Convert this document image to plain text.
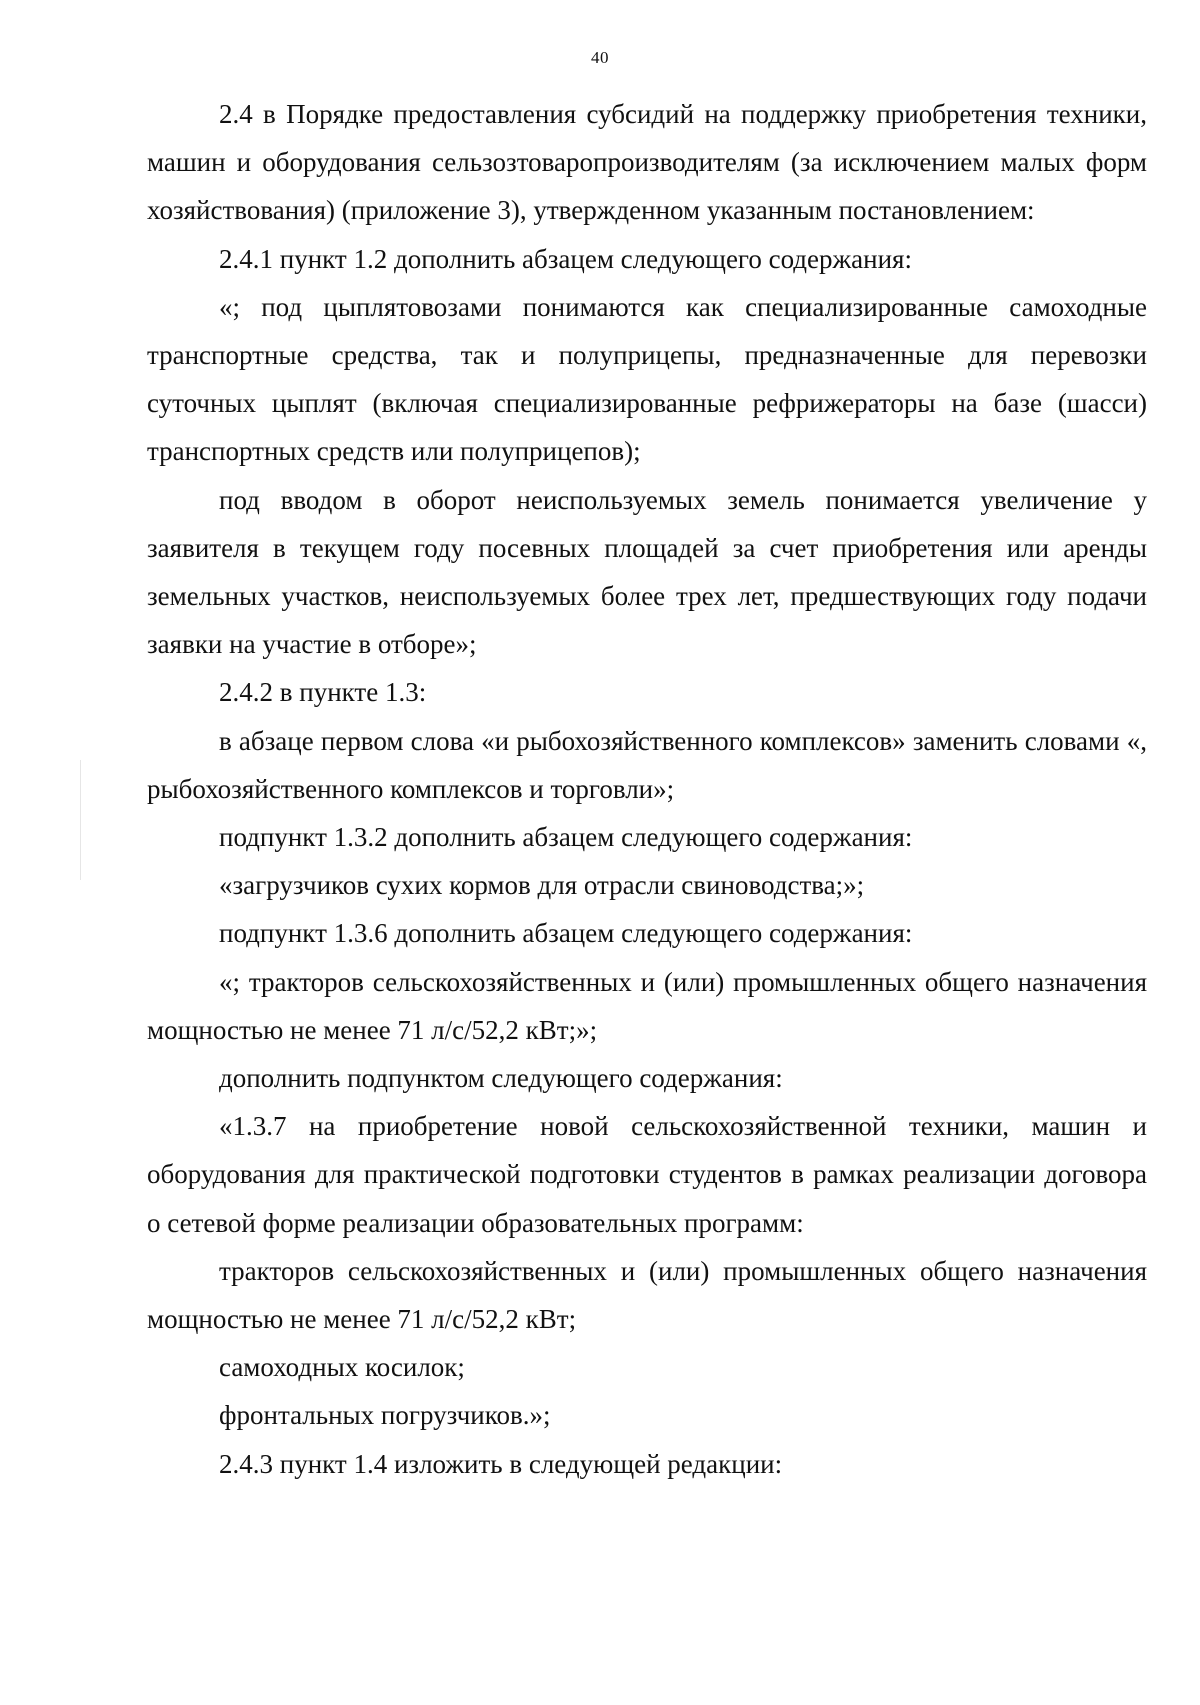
40

2.4 в Порядке предоставления субсидий на поддержку приобретения техники, машин и оборудования сельзозтоваропроизводителям (за исключением малых форм хозяйствования) (приложение 3), утвержденном указанным постановлением:

2.4.1 пункт 1.2 дополнить абзацем следующего содержания:

«; под цыплятовозами понимаются как специализированные самоходные транспортные средства, так и полуприцепы, предназначенные для перевозки суточных цыплят (включая специализированные рефрижераторы на базе (шасси) транспортных средств или полуприцепов);

под вводом в оборот неиспользуемых земель понимается увеличение у заявителя в текущем году посевных площадей за счет приобретения или аренды земельных участков, неиспользуемых более трех лет, предшествующих году подачи заявки на участие в отборе»;

2.4.2 в пункте 1.3:

в абзаце первом слова «и рыбохозяйственного комплексов» заменить словами «, рыбохозяйственного комплексов и торговли»;

подпункт 1.3.2 дополнить абзацем следующего содержания:

«загрузчиков сухих кормов для отрасли свиноводства;»;

подпункт 1.3.6 дополнить абзацем следующего содержания:

«; тракторов сельскохозяйственных и (или) промышленных общего назначения мощностью не менее 71 л/с/52,2 кВт;»;

дополнить подпунктом следующего содержания:

«1.3.7 на приобретение новой сельскохозяйственной техники, машин и оборудования для практической подготовки студентов в рамках реализации договора о сетевой форме реализации образовательных программ:

тракторов сельскохозяйственных и (или) промышленных общего назначения мощностью не менее 71 л/с/52,2 кВт;

самоходных косилок;

фронтальных погрузчиков.»;

2.4.3 пункт 1.4 изложить в следующей редакции:
